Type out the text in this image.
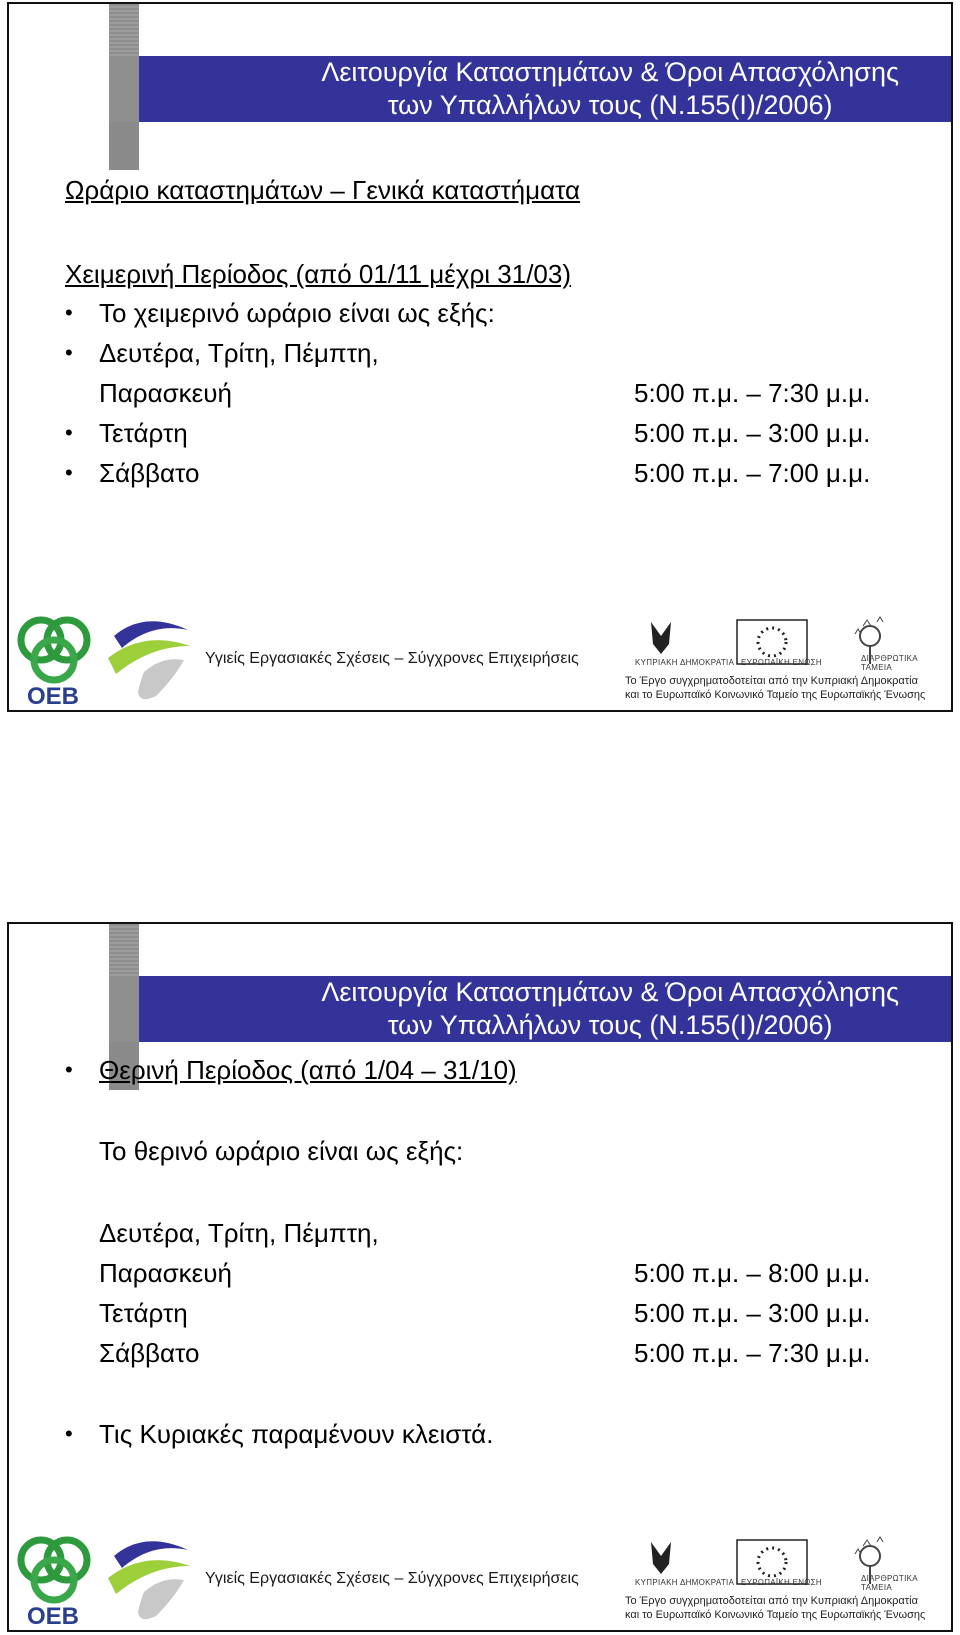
Λειτουργία Καταστημάτων & Όροι Απασχόλησης
των Υπαλλήλων τους (Ν.155(Ι)/2006)
Ωράριο καταστημάτων – Γενικά καταστήματα
Χειμερινή Περίοδος (από 01/11 μέχρι 31/03)
• Το χειμερινό ωράριο είναι ως εξής:
• Δευτέρα, Τρίτη, Πέμπτη,
Παρασκευή	5:00 π.μ. – 7:30 μ.μ.
• Τετάρτη	5:00 π.μ. – 3:00 μ.μ.
• Σάββατο	5:00 π.μ. – 7:00 μ.μ.
OEB
Υγιείς Εργασιακές Σχέσεις – Σύγχρονες Επιχειρήσεις	ΚΥΠΡΙΑΚΗ ΔΗΜΟΚΡΑΤΙΑ ΕΥΡΩΠΑΪΚΗ ΕΝΩΣΗ	ΔΙΑΡΘΡΩΤΙΚΑ ΤΑΜΕΙΑ
Το Έργο συγχρηματοδοτείται από την Κυπριακή Δημοκρατία
και το Ευρωπαϊκό Κοινωνικό Ταμείο της Ευρωπαϊκής Ένωσης
Λειτουργία Καταστημάτων & Όροι Απασχόλησης
των Υπαλλήλων τους (Ν.155(Ι)/2006)
• Θερινή Περίοδος (από 1/04 – 31/10)
Το θερινό ωράριο είναι ως εξής:
Δευτέρα, Τρίτη, Πέμπτη,
Παρασκευή	5:00 π.μ. – 8:00 μ.μ.
Τετάρτη	5:00 π.μ. – 3:00 μ.μ.
Σάββατο	5:00 π.μ. – 7:30 μ.μ.
• Τις Κυριακές παραμένουν κλειστά.
OEB
Υγιείς Εργασιακές Σχέσεις – Σύγχρονες Επιχειρήσεις	ΚΥΠΡΙΑΚΗ ΔΗΜΟΚΡΑΤΙΑ ΕΥΡΩΠΑΪΚΗ ΕΝΩΣΗ	ΔΙΑΡΘΡΩΤΙΚΑ ΤΑΜΕΙΑ
Το Έργο συγχρηματοδοτείται από την Κυπριακή Δημοκρατία
και το Ευρωπαϊκό Κοινωνικό Ταμείο της Ευρωπαϊκής Ένωσης
